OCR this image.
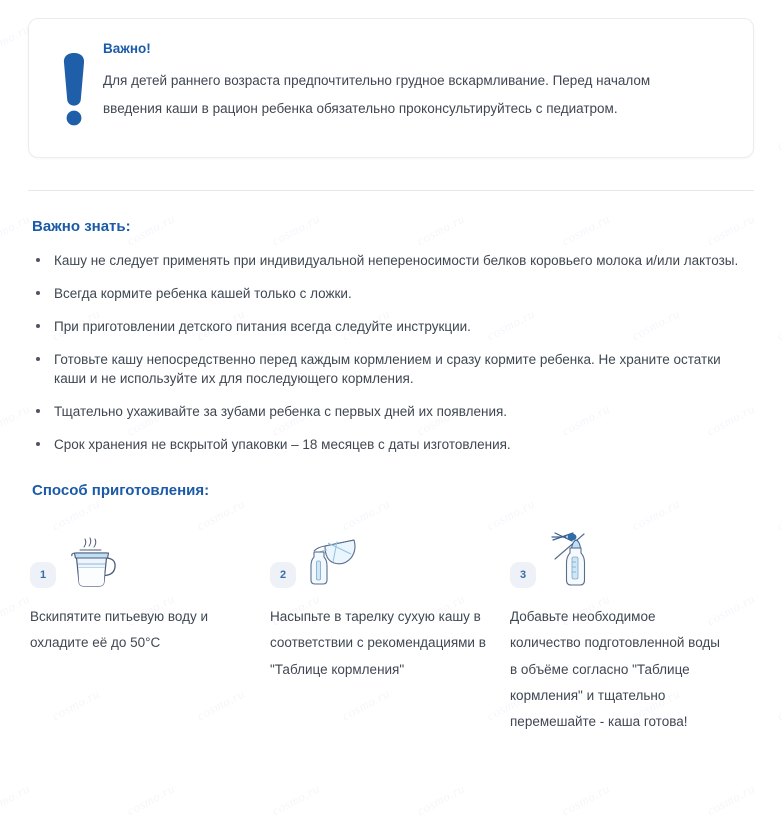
Важно!

Для детей раннего возраста предпочтительно грудное вскармливание. Перед началом введения каши в рацион ребенка обязательно проконсультируйтесь с педиатром.

Важно знать:
Кашу не следует применять при индивидуальной непереносимости белков коровьего молока и/или лактозы.
Всегда кормите ребенка кашей только с ложки.
При приготовлении детского питания всегда следуйте инструкции.
Готовьте кашу непосредственно перед каждым кормлением и сразу кормите ребенка. Не храните остатки каши и не используйте их для последующего кормления.
Тщательно ухаживайте за зубами ребенка с первых дней их появления.
Срок хранения не вскрытой упаковки – 18 месяцев с даты изготовления.
Способ приготовления:
1

Вскипятите питьевую воду и охладите её до 50°C

2

Насыпьте в тарелку сухую кашу в соответствии с рекомендациями в "Таблице кормления"

3

Добавьте необходимое количество подготовленной воды в объёме согласно "Таблице кормления" и тщательно перемешайте - каша готова!
